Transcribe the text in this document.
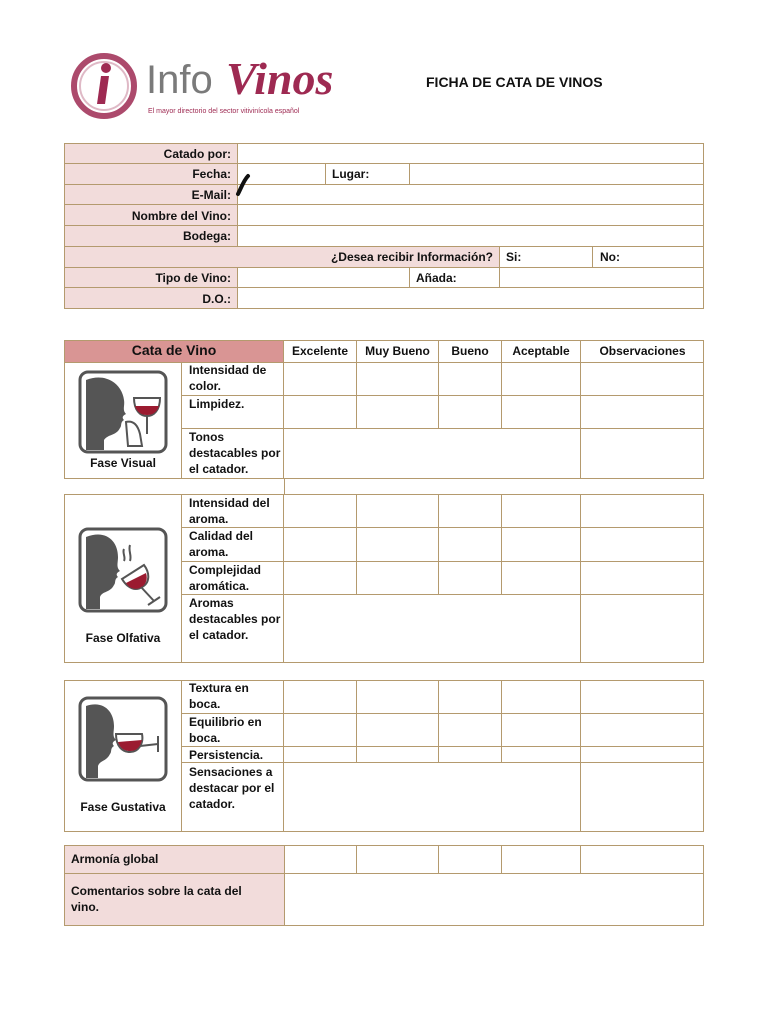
Info Vinos
El mayor directorio del sector vitivinícola español
FICHA DE CATA DE VINOS
Catado por:
Fecha:	Lugar:
E-Mail:
Nombre del Vino:
Bodega:
¿Desea recibir Información? Si:	No:
Tipo de Vino:	Añada:
D.O.:
Cata de Vino	Excelente	Muy Bueno	Bueno	Aceptable	Observaciones
Fase Visual
Intensidad de color.
Limpidez.
Tonos destacables por el catador.
Fase Olfativa
Intensidad del aroma.
Calidad del aroma.
Complejidad aromática.
Aromas destacables por el catador.
Fase Gustativa
Textura en boca.
Equilibrio en boca.
Persistencia.
Sensaciones a destacar por el catador.
Armonía global
Comentarios sobre la cata del vino.
